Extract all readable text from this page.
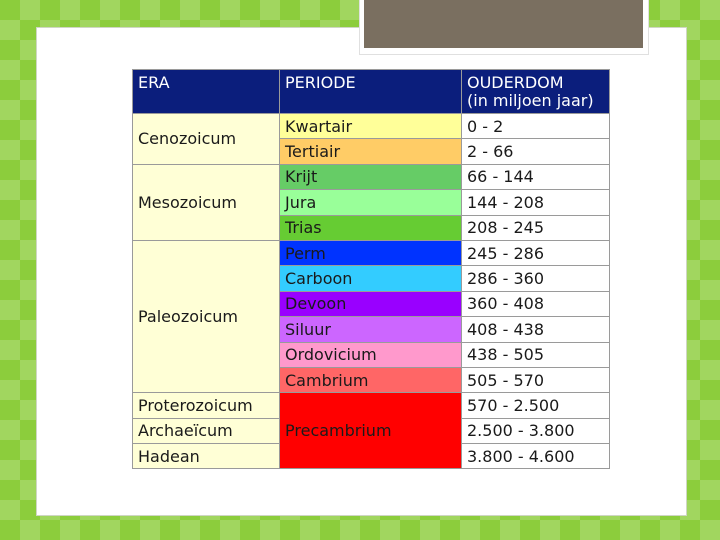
ERA	PERIODE	OUDERDOM
(in miljoen jaar)
Cenozoicum	Kwartair	0 - 2
	Tertiair	2 - 66
Mesozoicum	Krijt	66 - 144
	Jura	144 - 208
	Trias	208 - 245
Paleozoicum	Perm	245 - 286
	Carboon	286 - 360
	Devoon	360 - 408
	Siluur	408 - 438
	Ordovicium	438 - 505
	Cambrium	505 - 570
Proterozoicum	Precambrium	570 - 2.500
Archaeïcum		2.500 - 3.800
Hadean		3.800 - 4.600
